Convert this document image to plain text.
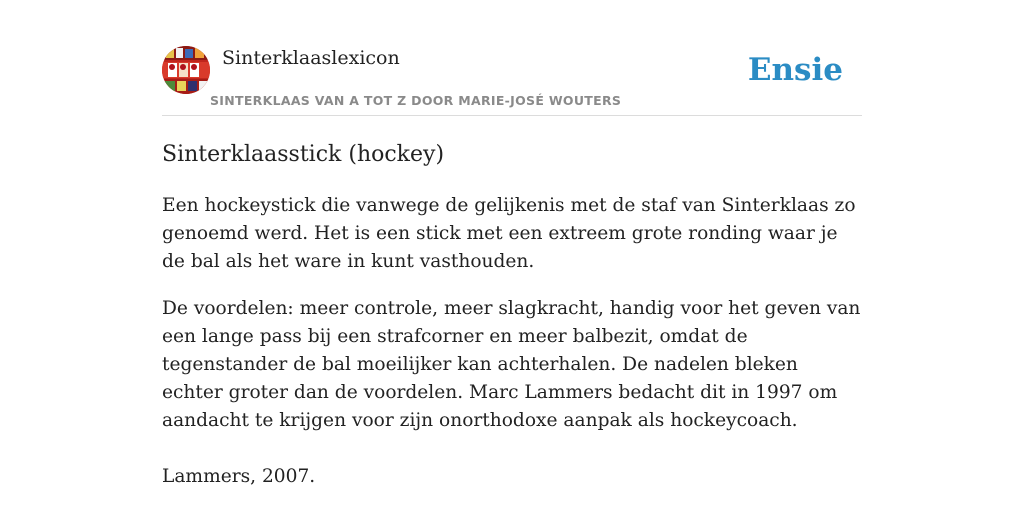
Sinterklaaslexicon
SINTERKLAAS VAN A TOT Z DOOR MARIE-JOSÉ WOUTERS
Ensie
Sinterklaasstick (hockey)

Een hockeystick die vanwege de gelijkenis met de staf van Sinterklaas zo genoemd werd. Het is een stick met een extreem grote ronding waar je de bal als het ware in kunt vasthouden.

De voordelen: meer controle, meer slagkracht, handig voor het geven van een lange pass bij een strafcorner en meer balbezit, omdat de tegenstander de bal moeilijker kan achterhalen. De nadelen bleken echter groter dan de voordelen. Marc Lammers bedacht dit in 1997 om aandacht te krijgen voor zijn onorthodoxe aanpak als hockeycoach.

Lammers, 2007.
